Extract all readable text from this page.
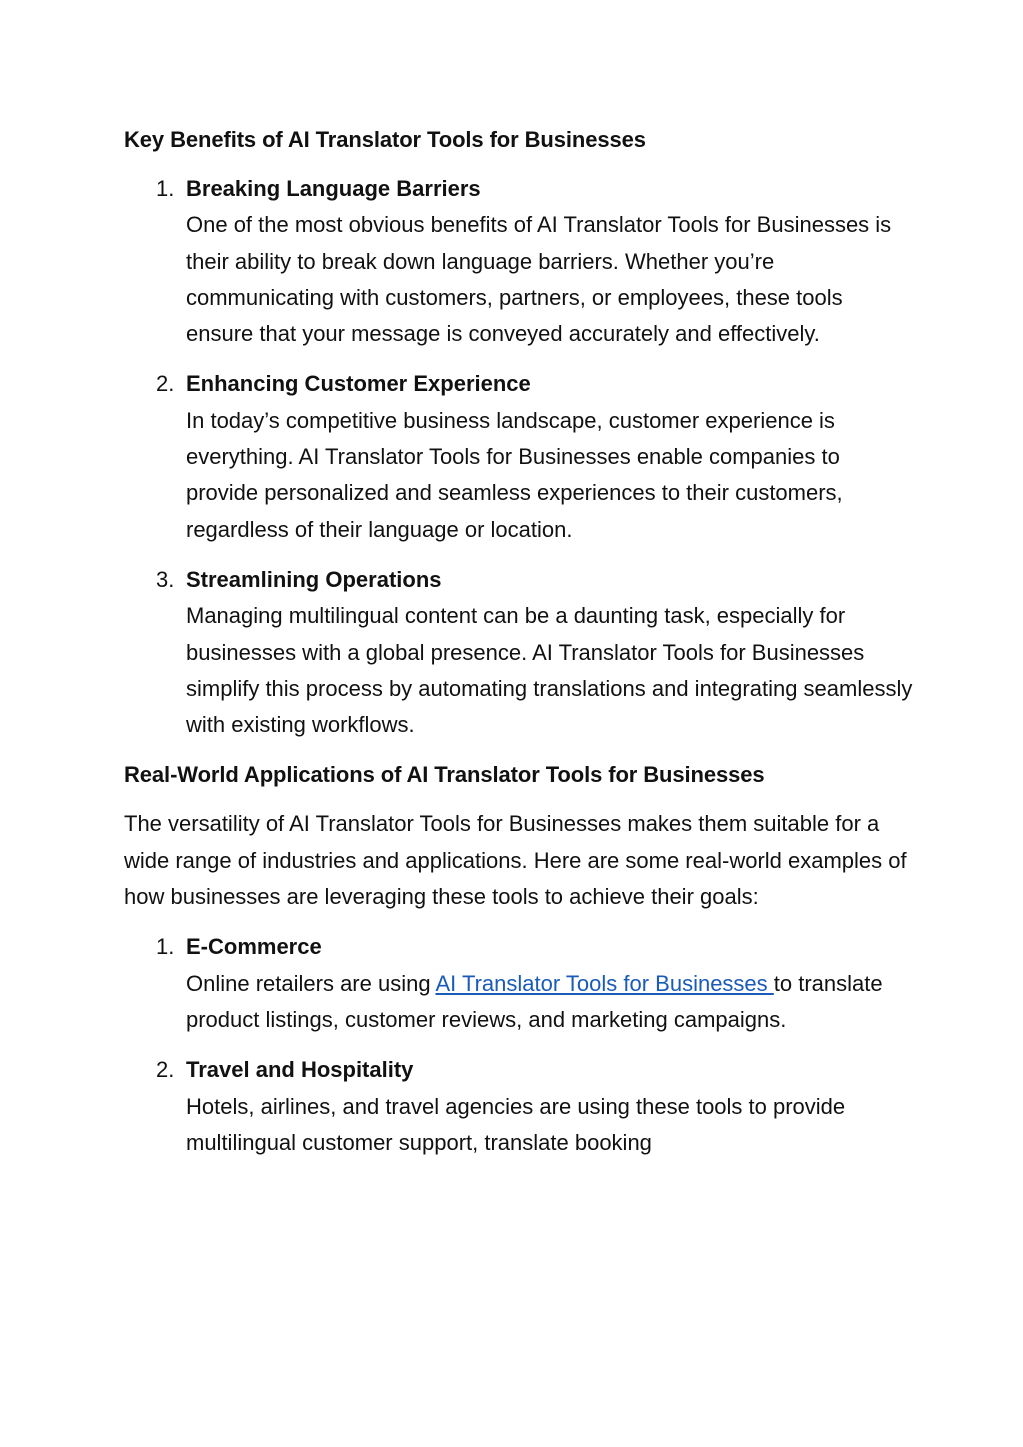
Key Benefits of AI Translator Tools for Businesses
1. Breaking Language Barriers
One of the most obvious benefits of AI Translator Tools for Businesses is their ability to break down language barriers. Whether you’re communicating with customers, partners, or employees, these tools ensure that your message is conveyed accurately and effectively.
2. Enhancing Customer Experience
In today’s competitive business landscape, customer experience is everything. AI Translator Tools for Businesses enable companies to provide personalized and seamless experiences to their customers, regardless of their language or location.
3. Streamlining Operations
Managing multilingual content can be a daunting task, especially for businesses with a global presence. AI Translator Tools for Businesses simplify this process by automating translations and integrating seamlessly with existing workflows.
Real-World Applications of AI Translator Tools for Businesses

The versatility of AI Translator Tools for Businesses makes them suitable for a wide range of industries and applications. Here are some real-world examples of how businesses are leveraging these tools to achieve their goals:

1. E-Commerce
Online retailers are using AI Translator Tools for Businesses to translate product listings, customer reviews, and marketing campaigns.
2. Travel and Hospitality
Hotels, airlines, and travel agencies are using these tools to provide multilingual customer support, translate booking
